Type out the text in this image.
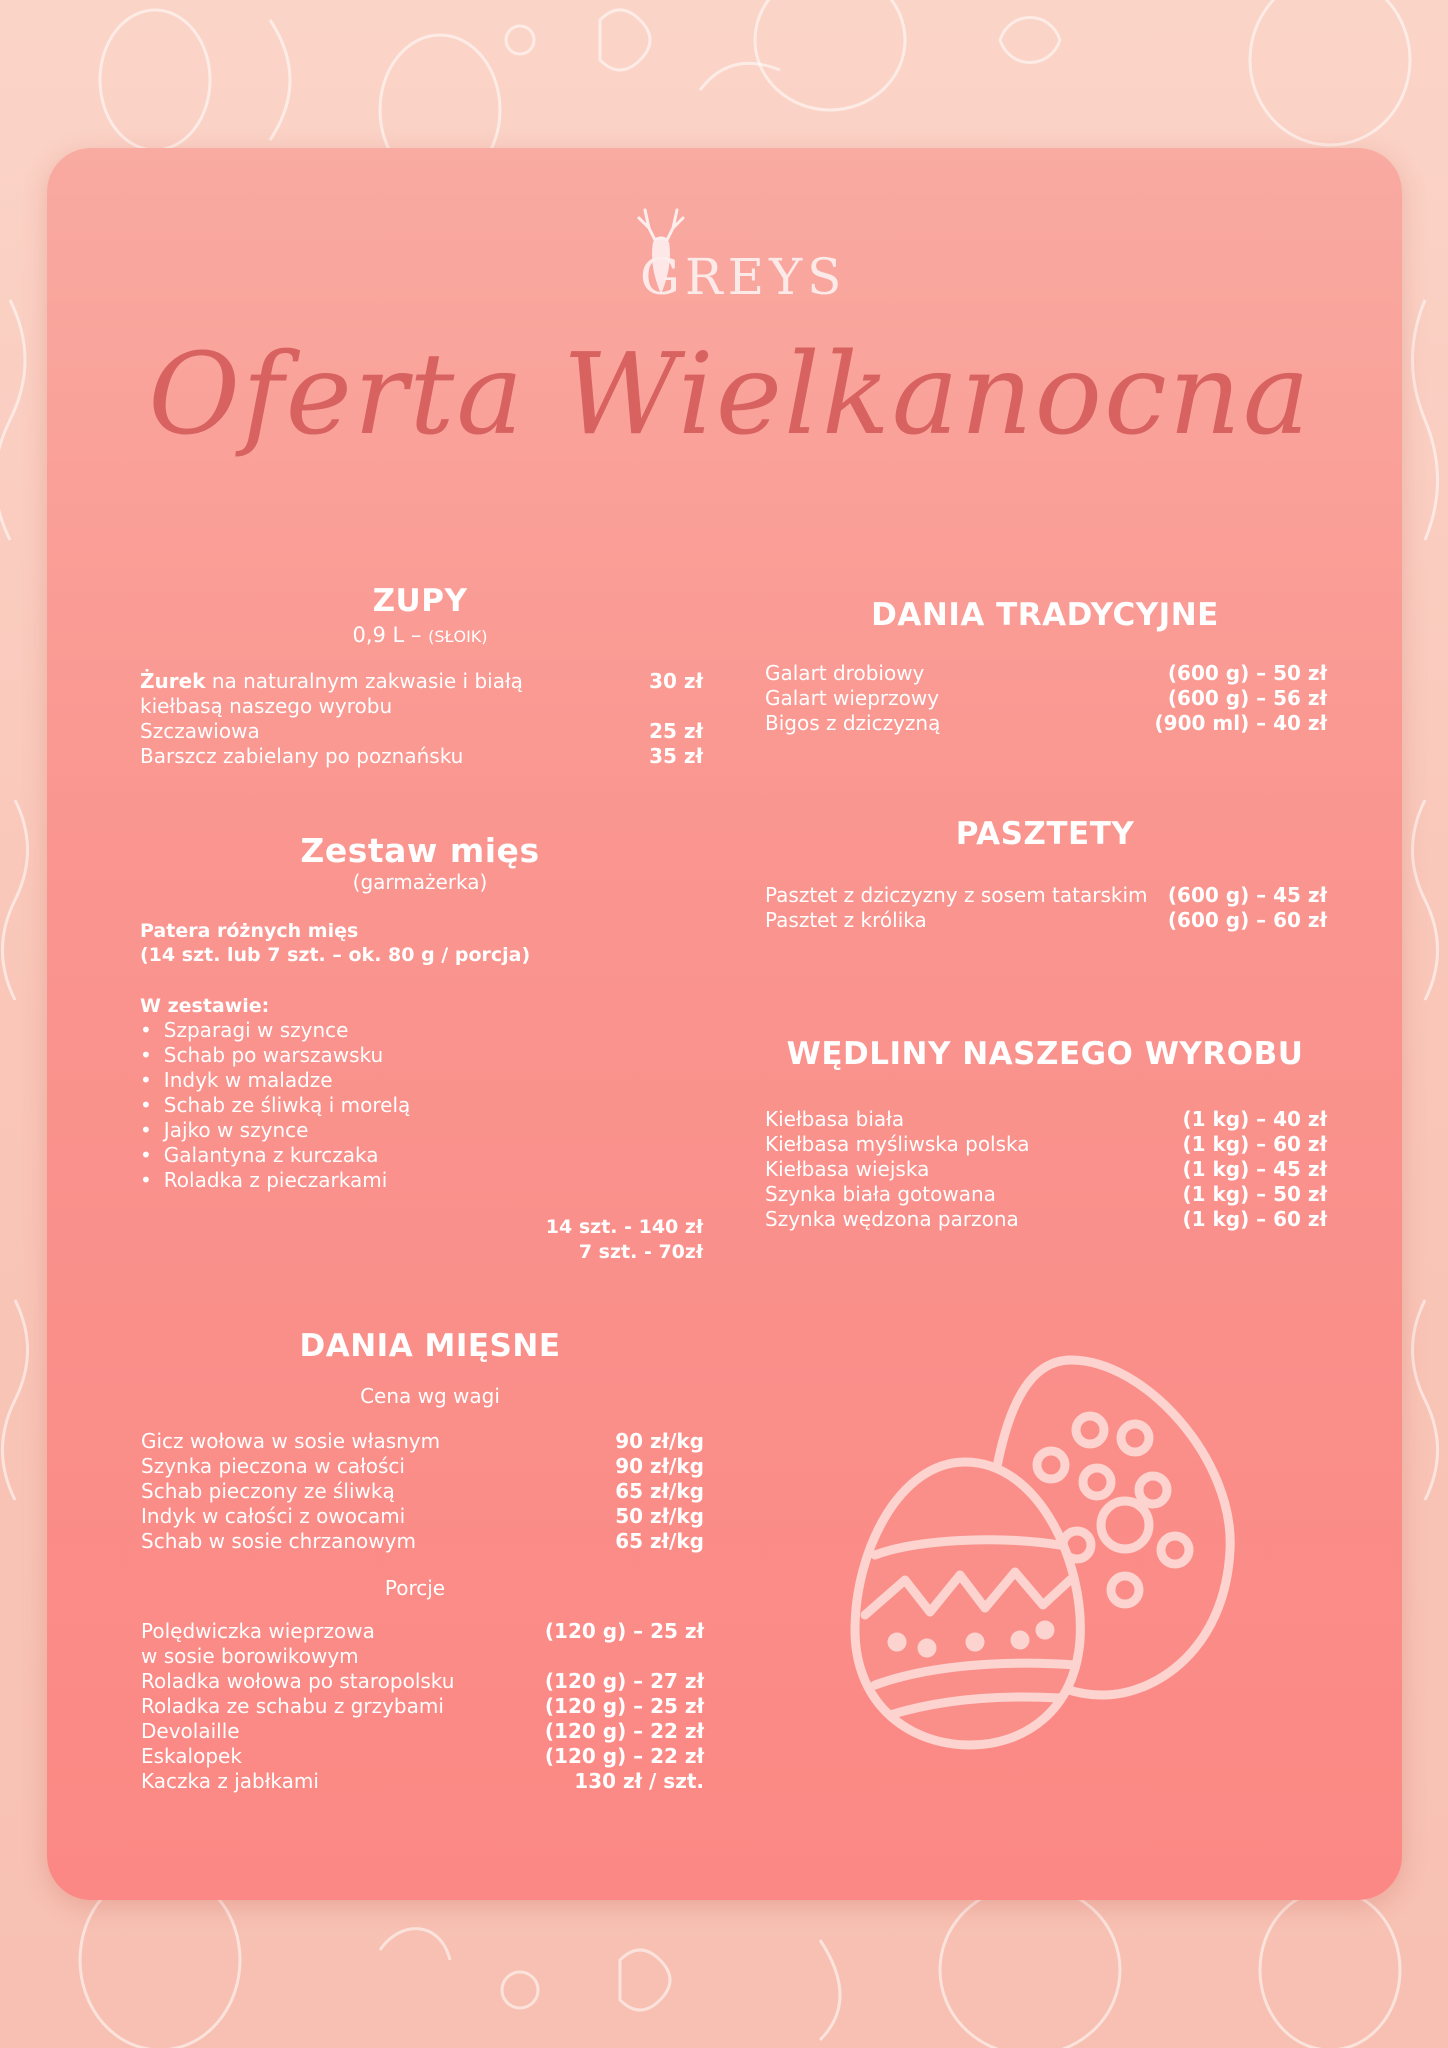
GREYS
Oferta Wielkanocna
ZUPY
0,9 L – (SŁOIK)
Żurek na naturalnym zakwasie i białą	30 zł
kiełbasą naszego wyrobu
Szczawiowa	25 zł
Barszcz zabielany po poznańsku	35 zł
Zestaw mięs
(garmażerka)
Patera różnych mięs
(14 szt. lub 7 szt. – ok. 80 g / porcja)
W zestawie:
• Szparagi w szynce
• Schab po warszawsku
• Indyk w maladze
• Schab ze śliwką i morelą
• Jajko w szynce
• Galantyna z kurczaka
• Roladka z pieczarkami
14 szt. - 140 zł
7 szt. - 70zł
DANIA MIĘSNE
Cena wg wagi
Gicz wołowa w sosie własnym	90 zł/kg
Szynka pieczona w całości	90 zł/kg
Schab pieczony ze śliwką	65 zł/kg
Indyk w całości z owocami	50 zł/kg
Schab w sosie chrzanowym	65 zł/kg
Porcje
Polędwiczka wieprzowa	(120 g) – 25 zł
w sosie borowikowym
Roladka wołowa po staropolsku	(120 g) – 27 zł
Roladka ze schabu z grzybami	(120 g) – 25 zł
Devolaille	(120 g) – 22 zł
Eskalopek	(120 g) – 22 zł
Kaczka z jabłkami	130 zł / szt.
DANIA TRADYCYJNE
Galart drobiowy	(600 g) – 50 zł
Galart wieprzowy	(600 g) – 56 zł
Bigos z dziczyzną	(900 ml) – 40 zł
PASZTETY
Pasztet z dziczyzny z sosem tatarskim (600 g) – 45 zł
Pasztet z królika	(600 g) – 60 zł
WĘDLINY NASZEGO WYROBU
Kiełbasa biała	(1 kg) – 40 zł
Kiełbasa myśliwska polska	(1 kg) – 60 zł
Kiełbasa wiejska	(1 kg) – 45 zł
Szynka biała gotowana	(1 kg) – 50 zł
Szynka wędzona parzona	(1 kg) – 60 zł
